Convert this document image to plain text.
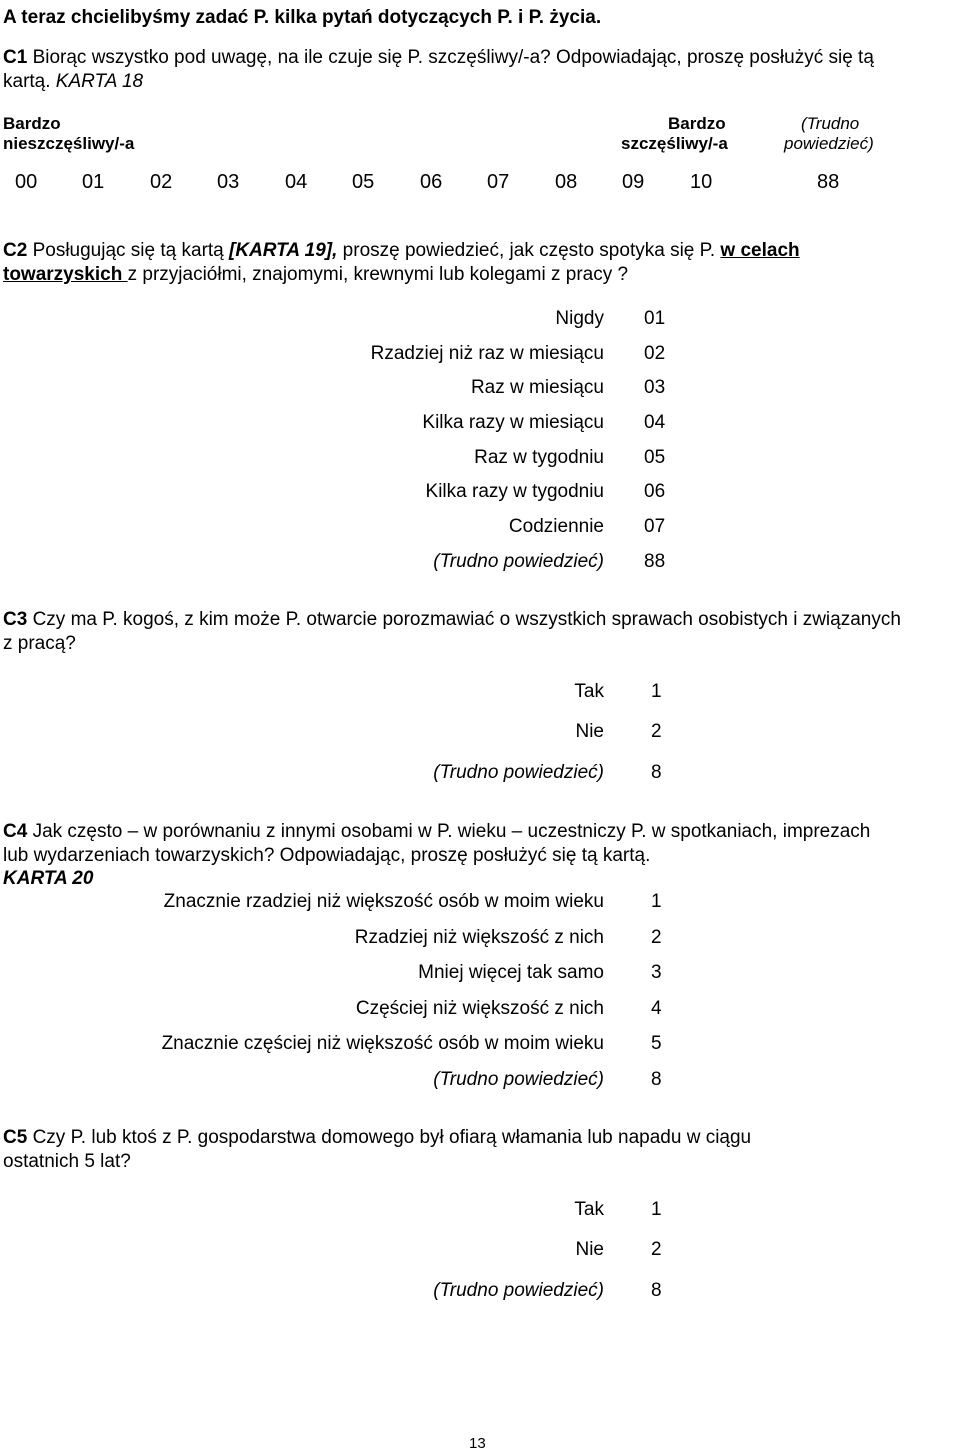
A teraz chcielibyśmy zadać P. kilka pytań dotyczących P. i P. życia.
C1 Biorąc wszystko pod uwagę, na ile czuje się P. szczęśliwy/-a? Odpowiadając, proszę posłużyć się tą
kartą. KARTA 18
Bardzo
nieszczęśliwy/-a
Bardzo
szczęśliwy/-a
(Trudno
powiedzieć)
00 01 02 03 04 05 06 07 08 09 10	88
C2 Posługując się tą kartą [KARTA 19], proszę powiedzieć, jak często spotyka się P. w celach
towarzyskich z przyjaciółmi, znajomymi, krewnymi lub kolegami z pracy ?
Nigdy 01
Rzadziej niż raz w miesiącu 02
Raz w miesiącu 03
Kilka razy w miesiącu 04
Raz w tygodniu 05
Kilka razy w tygodniu 06
Codziennie 07
(Trudno powiedzieć) 88
C3 Czy ma P. kogoś, z kim może P. otwarcie porozmawiać o wszystkich sprawach osobistych i związanych
z pracą?
Tak 1
Nie 2
(Trudno powiedzieć) 8
C4 Jak często – w porównaniu z innymi osobami w P. wieku – uczestniczy P. w spotkaniach, imprezach
lub wydarzeniach towarzyskich? Odpowiadając, proszę posłużyć się tą kartą.
KARTA 20
Znacznie rzadziej niż większość osób w moim wieku 1
Rzadziej niż większość z nich 2
Mniej więcej tak samo 3
Częściej niż większość z nich 4
Znacznie częściej niż większość osób w moim wieku 5
(Trudno powiedzieć) 8
C5 Czy P. lub ktoś z P. gospodarstwa domowego był ofiarą włamania lub napadu w ciągu
ostatnich 5 lat?
Tak 1
Nie 2
(Trudno powiedzieć) 8
13
